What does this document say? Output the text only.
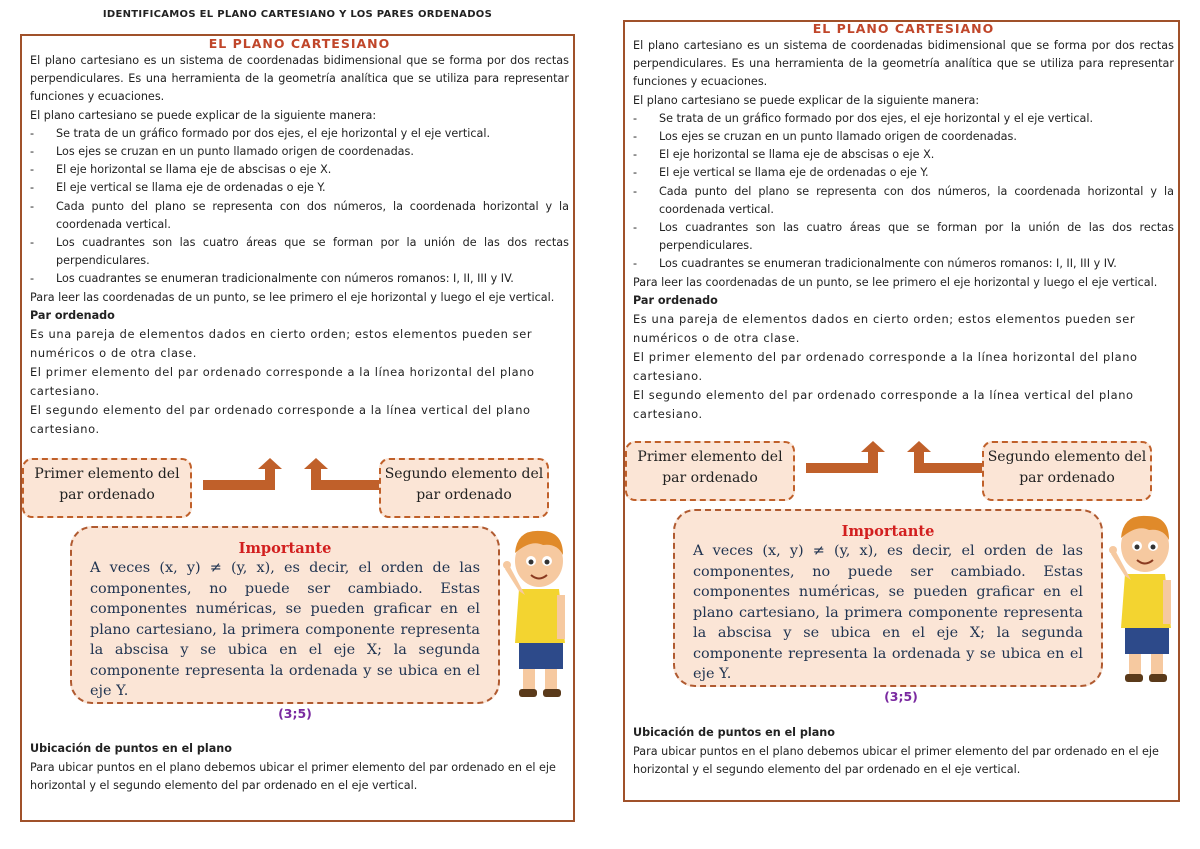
IDENTIFICAMOS EL PLANO CARTESIANO Y LOS PARES ORDENADOS
EL PLANO CARTESIANO

El plano cartesiano es un sistema de coordenadas bidimensional que se forma por dos rectas perpendiculares. Es una herramienta de la geometría analítica que se utiliza para representar funciones y ecuaciones.

El plano cartesiano se puede explicar de la siguiente manera:

- Se trata de un gráfico formado por dos ejes, el eje horizontal y el eje vertical.
- Los ejes se cruzan en un punto llamado origen de coordenadas.
- El eje horizontal se llama eje de abscisas o eje X.
- El eje vertical se llama eje de ordenadas o eje Y.
- Cada punto del plano se representa con dos números, la coordenada horizontal y la coordenada vertical.
- Los cuadrantes son las cuatro áreas que se forman por la unión de las dos rectas perpendiculares.
- Los cuadrantes se enumeran tradicionalmente con números romanos: I, II, III y IV.

Para leer las coordenadas de un punto, se lee primero el eje horizontal y luego el eje vertical.

Par ordenado

Es una pareja de elementos dados en cierto orden; estos elementos pueden ser numéricos o de otra clase.

El primer elemento del par ordenado corresponde a la línea horizontal del plano cartesiano.

El segundo elemento del par ordenado corresponde a la línea vertical del plano cartesiano.

Primer elemento del par ordenado
Segundo elemento del par ordenado
Importante
A veces (x, y) ≠ (y, x), es decir, el orden de las componentes, no puede ser cambiado. Estas componentes numéricas, se pueden graficar en el plano cartesiano, la primera componente representa la abscisa y se ubica en el eje X; la segunda componente representa la ordenada y se ubica en el eje Y.
(3;5)

Ubicación de puntos en el plano

Para ubicar puntos en el plano debemos ubicar el primer elemento del par ordenado en el eje horizontal y el segundo elemento del par ordenado en el eje vertical.

EL PLANO CARTESIANO

El plano cartesiano es un sistema de coordenadas bidimensional que se forma por dos rectas perpendiculares. Es una herramienta de la geometría analítica que se utiliza para representar funciones y ecuaciones.

El plano cartesiano se puede explicar de la siguiente manera:

- Se trata de un gráfico formado por dos ejes, el eje horizontal y el eje vertical.
- Los ejes se cruzan en un punto llamado origen de coordenadas.
- El eje horizontal se llama eje de abscisas o eje X.
- El eje vertical se llama eje de ordenadas o eje Y.
- Cada punto del plano se representa con dos números, la coordenada horizontal y la coordenada vertical.
- Los cuadrantes son las cuatro áreas que se forman por la unión de las dos rectas perpendiculares.
- Los cuadrantes se enumeran tradicionalmente con números romanos: I, II, III y IV.

Para leer las coordenadas de un punto, se lee primero el eje horizontal y luego el eje vertical.

Par ordenado

Es una pareja de elementos dados en cierto orden; estos elementos pueden ser numéricos o de otra clase.

El primer elemento del par ordenado corresponde a la línea horizontal del plano cartesiano.

El segundo elemento del par ordenado corresponde a la línea vertical del plano cartesiano.

Primer elemento del par ordenado
Segundo elemento del par ordenado
Importante
A veces (x, y) ≠ (y, x), es decir, el orden de las componentes, no puede ser cambiado. Estas componentes numéricas, se pueden graficar en el plano cartesiano, la primera componente representa la abscisa y se ubica en el eje X; la segunda componente representa la ordenada y se ubica en el eje Y.
(3;5)

Ubicación de puntos en el plano

Para ubicar puntos en el plano debemos ubicar el primer elemento del par ordenado en el eje horizontal y el segundo elemento del par ordenado en el eje vertical.
